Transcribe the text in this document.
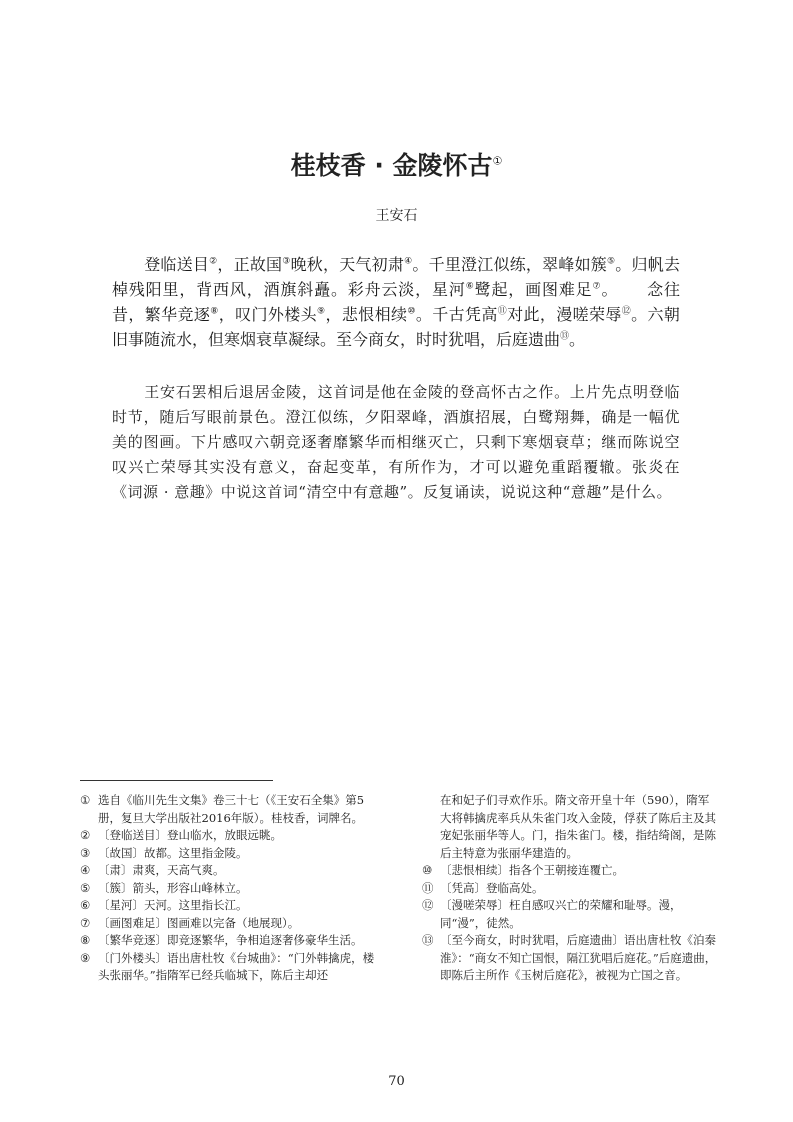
桂枝香 · 金陵怀古①
王安石
登临送目②，正故国③晚秋，天气初肃④。千里澄江似练，翠峰如簇⑤。归帆去棹残阳里，背西风，酒旗斜矗。彩舟云淡，星河⑥鹭起，画图难足⑦。 念往昔，繁华竞逐⑧，叹门外楼头⑨，悲恨相续⑩。千古凭高⑪对此，漫嗟荣辱⑫。六朝旧事随流水，但寒烟衰草凝绿。至今商女，时时犹唱，后庭遗曲⑬。
王安石罢相后退居金陵，这首词是他在金陵的登高怀古之作。上片先点明登临时节，随后写眼前景色。澄江似练，夕阳翠峰，酒旗招展，白鹭翔舞，确是一幅优美的图画。下片感叹六朝竞逐奢靡繁华而相继灭亡，只剩下寒烟衰草；继而陈说空叹兴亡荣辱其实没有意义，奋起变革，有所作为，才可以避免重蹈覆辙。张炎在《词源 · 意趣》中说这首词“清空中有意趣”。反复诵读，说说这种“意趣”是什么。
① 选自《临川先生文集》卷三十七（《王安石全集》第5册，复旦大学出版社2016年版）。桂枝香，词牌名。
② 〔登临送目〕登山临水，放眼远眺。
③ 〔故国〕故都。这里指金陵。
④ 〔肃〕肃爽，天高气爽。
⑤ 〔簇〕箭头，形容山峰林立。
⑥ 〔星河〕天河。这里指长江。
⑦ 〔画图难足〕图画难以完备（地展现）。
⑧ 〔繁华竞逐〕即竞逐繁华，争相追逐奢侈豪华生活。
⑨ 〔门外楼头〕语出唐杜牧《台城曲》：“门外韩擒虎，楼头张丽华。”指隋军已经兵临城下，陈后主却还
在和妃子们寻欢作乐。隋文帝开皇十年（590），隋军大将韩擒虎率兵从朱雀门攻入金陵，俘获了陈后主及其宠妃张丽华等人。门，指朱雀门。楼，指结绮阁，是陈后主特意为张丽华建造的。
⑩ 〔悲恨相续〕指各个王朝接连覆亡。
⑪ 〔凭高〕登临高处。
⑫ 〔漫嗟荣辱〕枉自感叹兴亡的荣耀和耻辱。漫，同“漫”，徒然。
⑬ 〔至今商女，时时犹唱，后庭遗曲〕语出唐杜牧《泊秦淮》：“商女不知亡国恨，隔江犹唱后庭花。”后庭遗曲，即陈后主所作《玉树后庭花》，被视为亡国之音。
70
